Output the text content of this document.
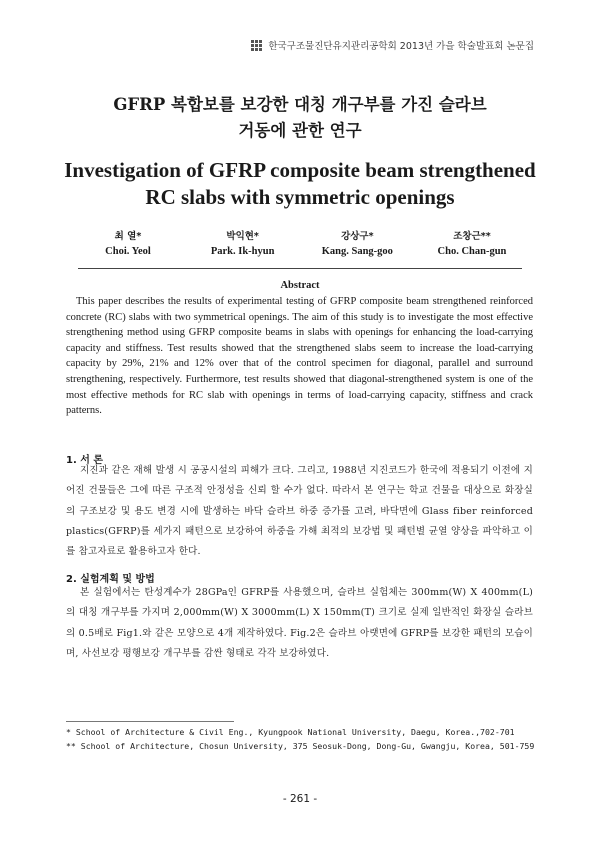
한국구조물진단유지관리공학회 2013년 가을 학술발표회 논문집
GFRP 복합보를 보강한 대칭 개구부를 가진 슬라브
거동에 관한 연구
Investigation of GFRP composite beam strengthened
RC slabs with symmetric openings
최 열*
Choi. Yeol
박익현*
Park. Ik-hyun
강상구*
Kang. Sang-goo
조창근**
Cho. Chan-gun
Abstract

This paper describes the results of experimental testing of GFRP composite beam strengthened reinforced concrete (RC) slabs with two symmetrical openings. The aim of this study is to investigate the most effective strengthening method using GFRP composite beams in slabs with openings for enhancing the load-carrying capacity and stiffness. Test results showed that the strengthened slabs seem to increase the load-carrying capacity by 29%, 21% and 12% over that of the control specimen for diagonal, parallel and surround strengthening, respectively. Furthermore, test results showed that diagonal-strengthened system is one of the most effective methods for RC slab with openings in terms of load-carrying capacity, stiffness and crack patterns.

1. 서 론

지진과 같은 재해 발생 시 공공시설의 피해가 크다. 그리고, 1988년 지진코드가 한국에 적용되기 이전에 지어진 건물들은 그에 따른 구조적 안정성을 신뢰 할 수가 없다. 따라서 본 연구는 학교 건물을 대상으로 화장실의 구조보강 및 용도 변경 시에 발생하는 바닥 슬라브 하중 증가를 고려, 바닥면에 Glass fiber reinforced plastics(GFRP)를 세가지 패턴으로 보강하여 하중을 가해 최적의 보강법 및 패턴별 균열 양상을 파악하고 이를 참고자료로 활용하고자 한다.

2. 실험계획 및 방법

본 실험에서는 탄성계수가 28GPa인 GFRP를 사용했으며, 슬라브 실험체는 300mm(W) X 400mm(L)의 대칭 개구부를 가지며 2,000mm(W) X 3000mm(L) X 150mm(T) 크기로 실제 일반적인 화장실 슬라브의 0.5배로 Fig1.와 같은 모양으로 4개 제작하였다. Fig.2은 슬라브 아랫면에 GFRP를 보강한 패턴의 모습이며, 사선보강 평행보강 개구부를 감싼 형태로 각각 보강하였다.

* School of Architecture & Civil Eng., Kyungpook National University, Daegu, Korea.,702-701

** School of Architecture, Chosun University, 375 Seosuk-Dong, Dong-Gu, Gwangju, Korea, 501-759

- 261 -
